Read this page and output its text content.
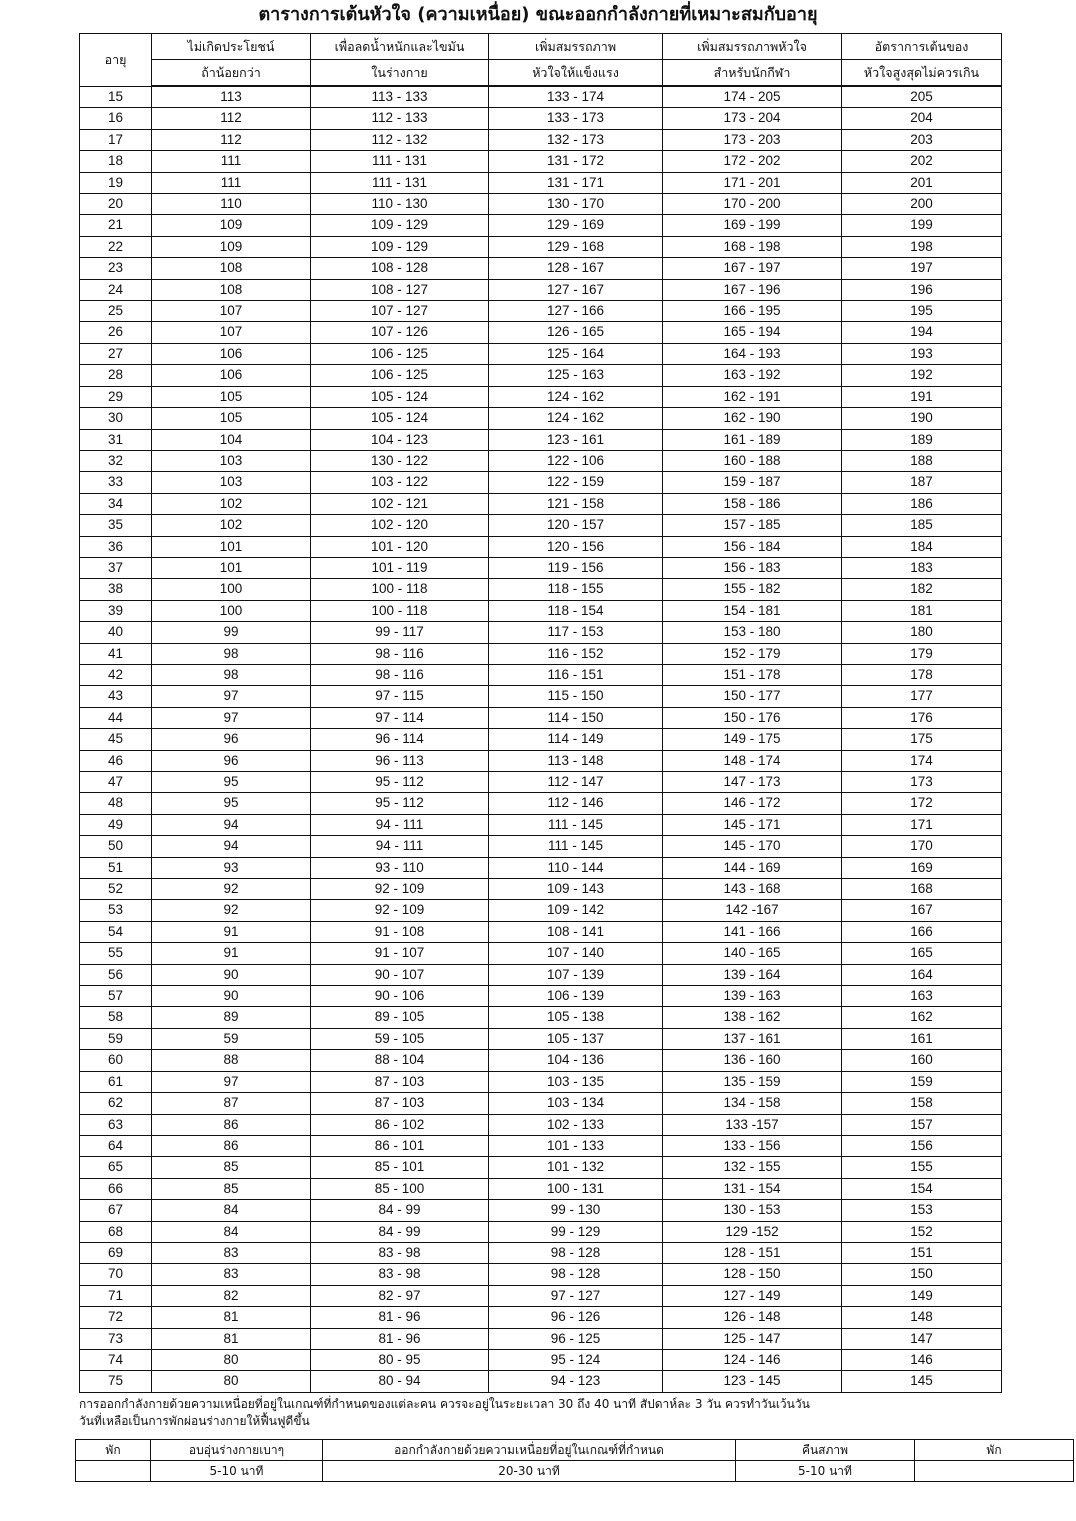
ตารางการเต้นหัวใจ (ความเหนื่อย) ขณะออกกำลังกายที่เหมาะสมกับอายุ
อายุ	ไม่เกิดประโยชน์	เพื่อลดน้ำหนักและไขมัน	เพิ่มสมรรถภาพ	เพิ่มสมรรถภาพหัวใจ	อัตราการเต้นของ
	ถ้าน้อยกว่า	ในร่างกาย	หัวใจให้แข็งแรง	สำหรับนักกีฬา	หัวใจสูงสุดไม่ควรเกิน
15	113	113 - 133	133 - 174	174 - 205	205
16	112	112 - 133	133 - 173	173 - 204	204
17	112	112 - 132	132 - 173	173 - 203	203
18	111	111 - 131	131 - 172	172 - 202	202
19	111	111 - 131	131 - 171	171 - 201	201
20	110	110 - 130	130 - 170	170 - 200	200
21	109	109 - 129	129 - 169	169 - 199	199
22	109	109 - 129	129 - 168	168 - 198	198
23	108	108 - 128	128 - 167	167 - 197	197
24	108	108 - 127	127 - 167	167 - 196	196
25	107	107 - 127	127 - 166	166 - 195	195
26	107	107 - 126	126 - 165	165 - 194	194
27	106	106 - 125	125 - 164	164 - 193	193
28	106	106 - 125	125 - 163	163 - 192	192
29	105	105 - 124	124 - 162	162 - 191	191
30	105	105 - 124	124 - 162	162 - 190	190
31	104	104 - 123	123 - 161	161 - 189	189
32	103	130 - 122	122 - 106	160 - 188	188
33	103	103 - 122	122 - 159	159 - 187	187
34	102	102 - 121	121 - 158	158 - 186	186
35	102	102 - 120	120 - 157	157 - 185	185
36	101	101 - 120	120 - 156	156 - 184	184
37	101	101 - 119	119 - 156	156 - 183	183
38	100	100 - 118	118 - 155	155 - 182	182
39	100	100 - 118	118 - 154	154 - 181	181
40	99	99 - 117	117 - 153	153 - 180	180
41	98	98 - 116	116 - 152	152 - 179	179
42	98	98 - 116	116 - 151	151 - 178	178
43	97	97 - 115	115 - 150	150 - 177	177
44	97	97 - 114	114 - 150	150 - 176	176
45	96	96 - 114	114 - 149	149 - 175	175
46	96	96 - 113	113 - 148	148 - 174	174
47	95	95 - 112	112 - 147	147 - 173	173
48	95	95 - 112	112 - 146	146 - 172	172
49	94	94 - 111	111 - 145	145 - 171	171
50	94	94 - 111	111 - 145	145 - 170	170
51	93	93 - 110	110 - 144	144 - 169	169
52	92	92 - 109	109 - 143	143 - 168	168
53	92	92 - 109	109 - 142	142 -167	167
54	91	91 - 108	108 - 141	141 - 166	166
55	91	91 - 107	107 - 140	140 - 165	165
56	90	90 - 107	107 - 139	139 - 164	164
57	90	90 - 106	106 - 139	139 - 163	163
58	89	89 - 105	105 - 138	138 - 162	162
59	59	59 - 105	105 - 137	137 - 161	161
60	88	88 - 104	104 - 136	136 - 160	160
61	97	87 - 103	103 - 135	135 - 159	159
62	87	87 - 103	103 - 134	134 - 158	158
63	86	86 - 102	102 - 133	133 -157	157
64	86	86 - 101	101 - 133	133 - 156	156
65	85	85 - 101	101 - 132	132 - 155	155
66	85	85 - 100	100 - 131	131 - 154	154
67	84	84 - 99	99 - 130	130 - 153	153
68	84	84 - 99	99 - 129	129 -152	152
69	83	83 - 98	98 - 128	128 - 151	151
70	83	83 - 98	98 - 128	128 - 150	150
71	82	82 - 97	97 - 127	127 - 149	149
72	81	81 - 96	96 - 126	126 - 148	148
73	81	81 - 96	96 - 125	125 - 147	147
74	80	80 - 95	95 - 124	124 - 146	146
75	80	80 - 94	94 - 123	123 - 145	145
การออกกำลังกายด้วยความเหนื่อยที่อยู่ในเกณฑ์ที่กำหนดของแต่ละคน ควรจะอยู่ในระยะเวลา 30 ถึง 40 นาที สัปดาห์ละ 3 วัน ควรทำวันเว้นวัน
วันที่เหลือเป็นการพักผ่อนร่างกายให้ฟื้นฟูดีขึ้น
พัก	อบอุ่นร่างกายเบาๆ	ออกกำลังกายด้วยความเหนื่อยที่อยู่ในเกณฑ์ที่กำหนด	คืนสภาพ	พัก
	5-10 นาที	20-30 นาที	5-10 นาที	
